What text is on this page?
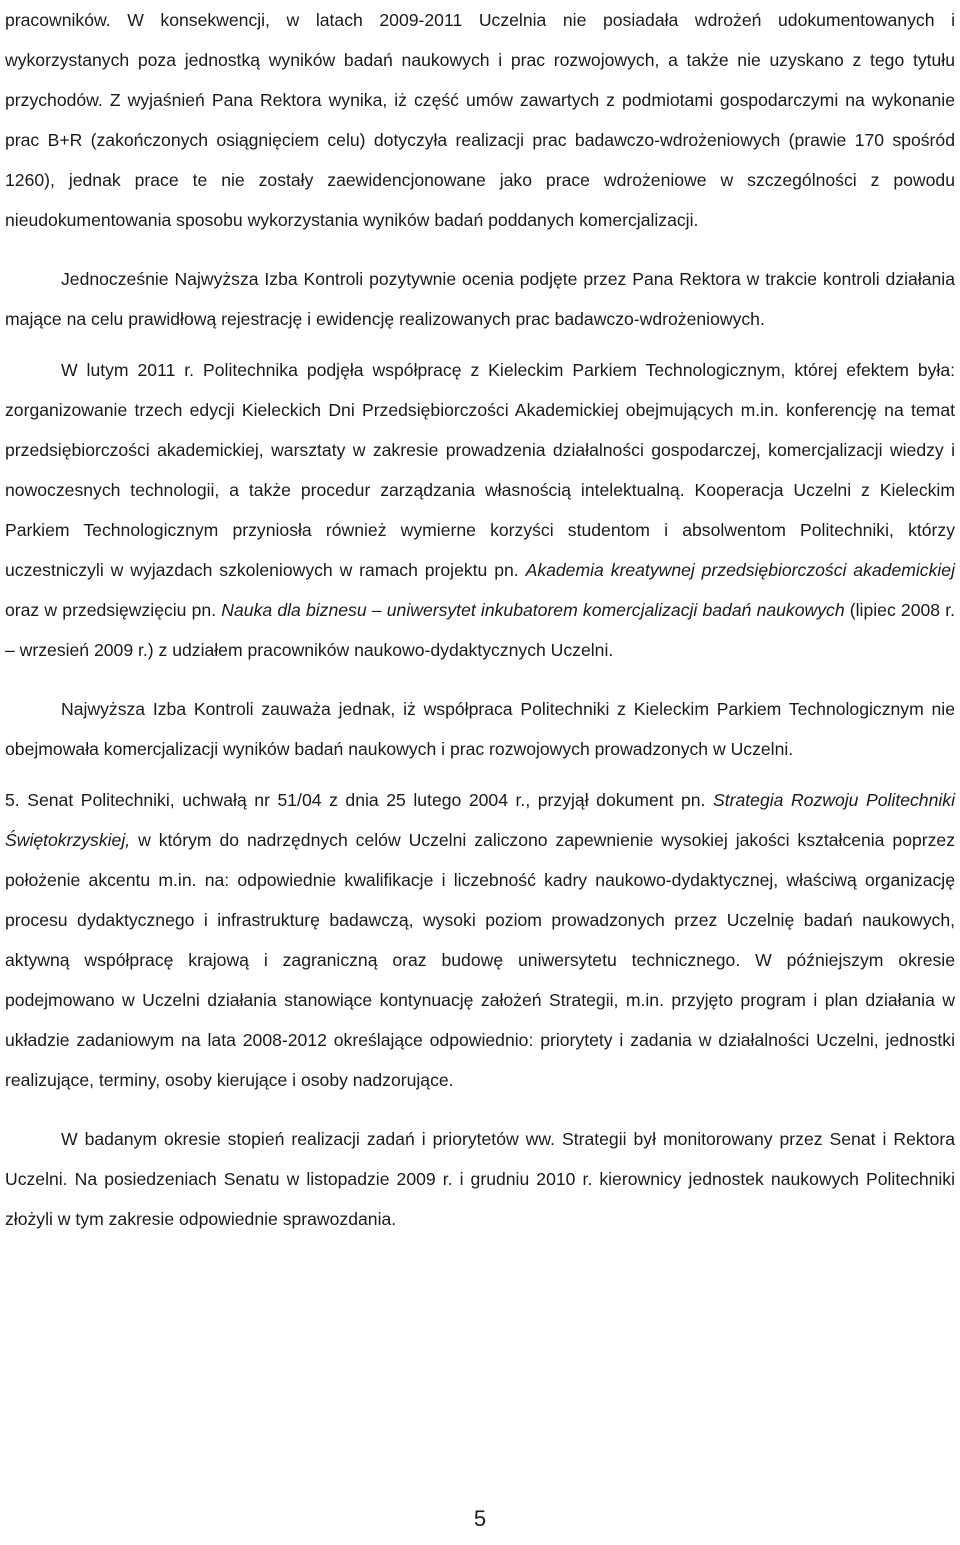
pracowników. W konsekwencji, w latach 2009-2011 Uczelnia nie posiadała wdrożeń udokumentowanych i wykorzystanych poza jednostką wyników badań naukowych i prac rozwojowych, a także nie uzyskano z tego tytułu przychodów. Z wyjaśnień Pana Rektora wynika, iż część umów zawartych z podmiotami gospodarczymi na wykonanie prac B+R (zakończonych osiągnięciem celu) dotyczyła realizacji prac badawczo-wdrożeniowych (prawie 170 spośród 1260), jednak prace te nie zostały zaewidencjonowane jako prace wdrożeniowe w szczególności z powodu nieudokumentowania sposobu wykorzystania wyników badań poddanych komercjalizacji.

Jednocześnie Najwyższa Izba Kontroli pozytywnie ocenia podjęte przez Pana Rektora w trakcie kontroli działania mające na celu prawidłową rejestrację i ewidencję realizowanych prac badawczo-wdrożeniowych.

W lutym 2011 r. Politechnika podjęła współpracę z Kieleckim Parkiem Technologicznym, której efektem była: zorganizowanie trzech edycji Kieleckich Dni Przedsiębiorczości Akademickiej obejmujących m.in. konferencję na temat przedsiębiorczości akademickiej, warsztaty w zakresie prowadzenia działalności gospodarczej, komercjalizacji wiedzy i nowoczesnych technologii, a także procedur zarządzania własnością intelektualną. Kooperacja Uczelni z Kieleckim Parkiem Technologicznym przyniosła również wymierne korzyści studentom i absolwentom Politechniki, którzy uczestniczyli w wyjazdach szkoleniowych w ramach projektu pn. Akademia kreatywnej przedsiębiorczości akademickiej oraz w przedsięwzięciu pn. Nauka dla biznesu – uniwersytet inkubatorem komercjalizacji badań naukowych (lipiec 2008 r. – wrzesień 2009 r.) z udziałem pracowników naukowo-dydaktycznych Uczelni.

Najwyższa Izba Kontroli zauważa jednak, iż współpraca Politechniki z Kieleckim Parkiem Technologicznym nie obejmowała komercjalizacji wyników badań naukowych i prac rozwojowych prowadzonych w Uczelni.

5. Senat Politechniki, uchwałą nr 51/04 z dnia 25 lutego 2004 r., przyjął dokument pn. Strategia Rozwoju Politechniki Świętokrzyskiej, w którym do nadrzędnych celów Uczelni zaliczono zapewnienie wysokiej jakości kształcenia poprzez położenie akcentu m.in. na: odpowiednie kwalifikacje i liczebność kadry naukowo-dydaktycznej, właściwą organizację procesu dydaktycznego i infrastrukturę badawczą, wysoki poziom prowadzonych przez Uczelnię badań naukowych, aktywną współpracę krajową i zagraniczną oraz budowę uniwersytetu technicznego. W późniejszym okresie podejmowano w Uczelni działania stanowiące kontynuację założeń Strategii, m.in. przyjęto program i plan działania w układzie zadaniowym na lata 2008-2012 określające odpowiednio: priorytety i zadania w działalności Uczelni, jednostki realizujące, terminy, osoby kierujące i osoby nadzorujące.

W badanym okresie stopień realizacji zadań i priorytetów ww. Strategii był monitorowany przez Senat i Rektora Uczelni. Na posiedzeniach Senatu w listopadzie 2009 r. i grudniu 2010 r. kierownicy jednostek naukowych Politechniki złożyli w tym zakresie odpowiednie sprawozdania.

5
